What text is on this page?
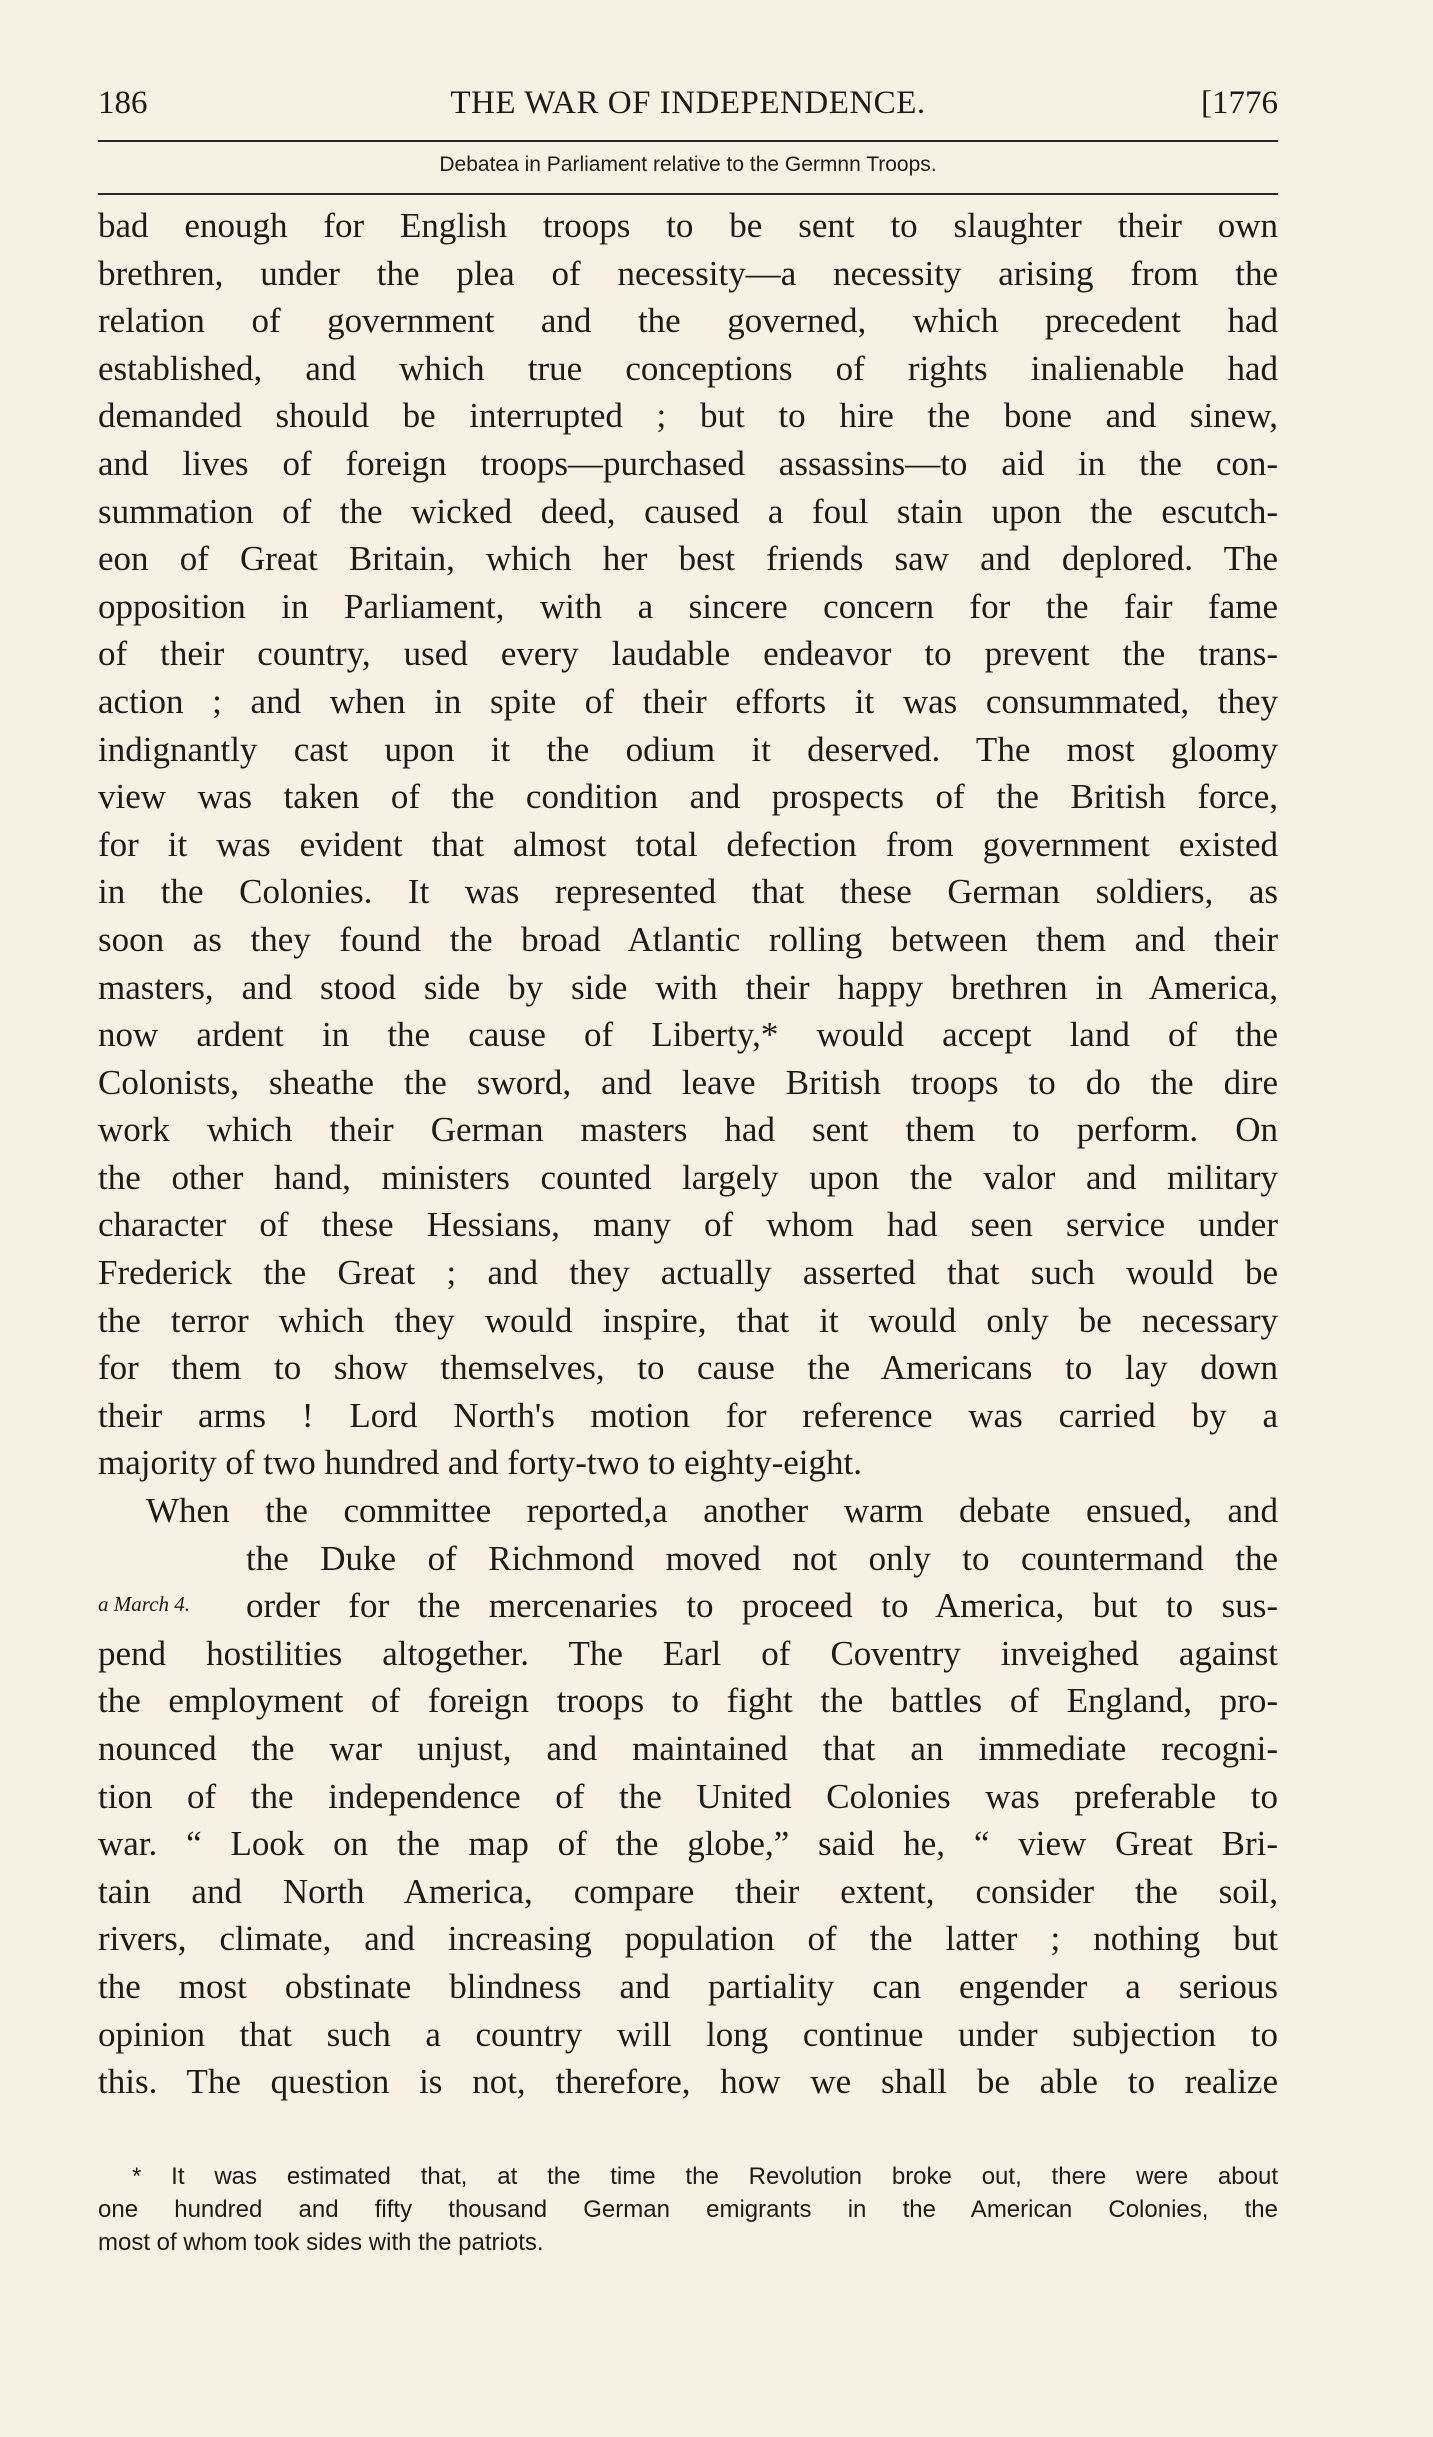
186	THE WAR OF INDEPENDENCE.	[1776
Debatea in Parliament relative to the Germnn Troops.
bad enough for English troops to be sent to slaughter their own
brethren, under the plea of necessity—a necessity arising from the
relation of government and the governed, which precedent had
established, and which true conceptions of rights inalienable had
demanded should be interrupted ; but to hire the bone and sinew,
and lives of foreign troops—purchased assassins—to aid in the con-
summation of the wicked deed, caused a foul stain upon the escutch-
eon of Great Britain, which her best friends saw and deplored. The
opposition in Parliament, with a sincere concern for the fair fame
of their country, used every laudable endeavor to prevent the trans-
action ; and when in spite of their efforts it was consummated, they
indignantly cast upon it the odium it deserved. The most gloomy
view was taken of the condition and prospects of the British force,
for it was evident that almost total defection from government existed
in the Colonies. It was represented that these German soldiers, as
soon as they found the broad Atlantic rolling between them and their
masters, and stood side by side with their happy brethren in America,
now ardent in the cause of Liberty,* would accept land of the
Colonists, sheathe the sword, and leave British troops to do the dire
work which their German masters had sent them to perform. On
the other hand, ministers counted largely upon the valor and military
character of these Hessians, many of whom had seen service under
Frederick the Great ; and they actually asserted that such would be
the terror which they would inspire, that it would only be necessary
for them to show themselves, to cause the Americans to lay down
their arms ! Lord North's motion for reference was carried by a
majority of two hundred and forty-two to eighty-eight.
When the committee reported,a another warm debate ensued, and
the Duke of Richmond moved not only to countermand the
order for the mercenaries to proceed to America, but to sus-
pend hostilities altogether. The Earl of Coventry inveighed against
the employment of foreign troops to fight the battles of England, pro-
nounced the war unjust, and maintained that an immediate recogni-
tion of the independence of the United Colonies was preferable to
war. “ Look on the map of the globe,” said he, “ view Great Bri-
tain and North America, compare their extent, consider the soil,
rivers, climate, and increasing population of the latter ; nothing but
the most obstinate blindness and partiality can engender a serious
opinion that such a country will long continue under subjection to
this. The question is not, therefore, how we shall be able to realize
a March 4.
* It was estimated that, at the time the Revolution broke out, there were about
one hundred and fifty thousand German emigrants in the American Colonies, the
most of whom took sides with the patriots.
